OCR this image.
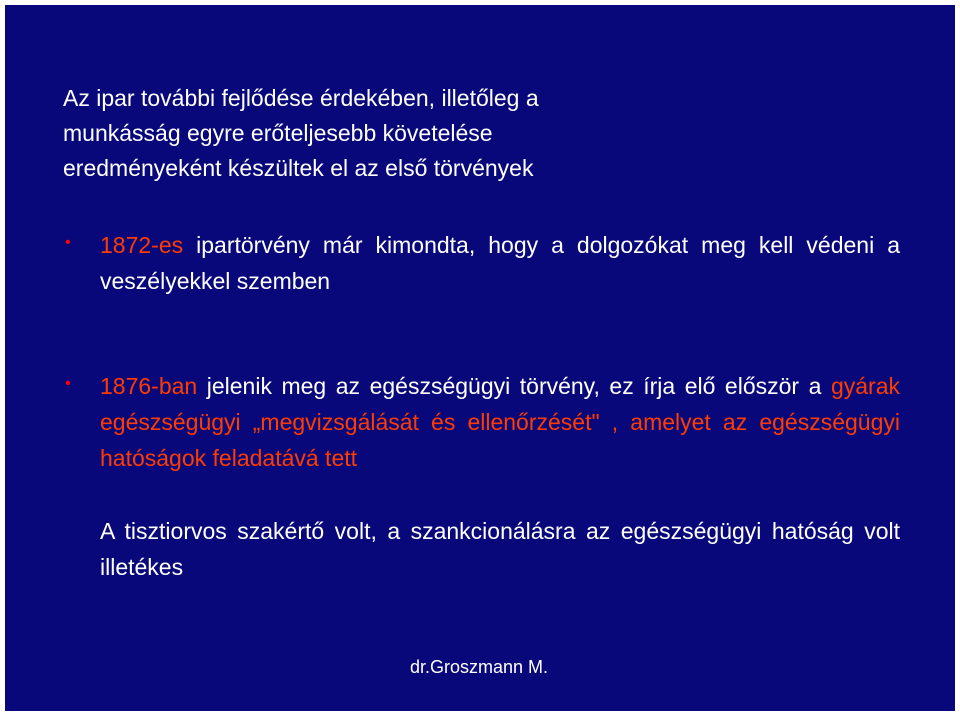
Az ipar további fejlődése érdekében, illetőleg a
munkásság egyre erőteljesebb követelése
eredményeként készültek el az első törvények
• 1872-es ipartörvény már kimondta, hogy a dolgozókat meg kell védeni a veszélyekkel szemben
• 1876-ban jelenik meg az egészségügyi törvény, ez írja elő először a gyárak egészségügyi „megvizsgálását és ellenőrzését" , amelyet az egészségügyi hatóságok feladatává tett
A tisztiorvos szakértő volt, a szankcionálásra az egészségügyi hatóság volt illetékes
dr.Groszmann M.
